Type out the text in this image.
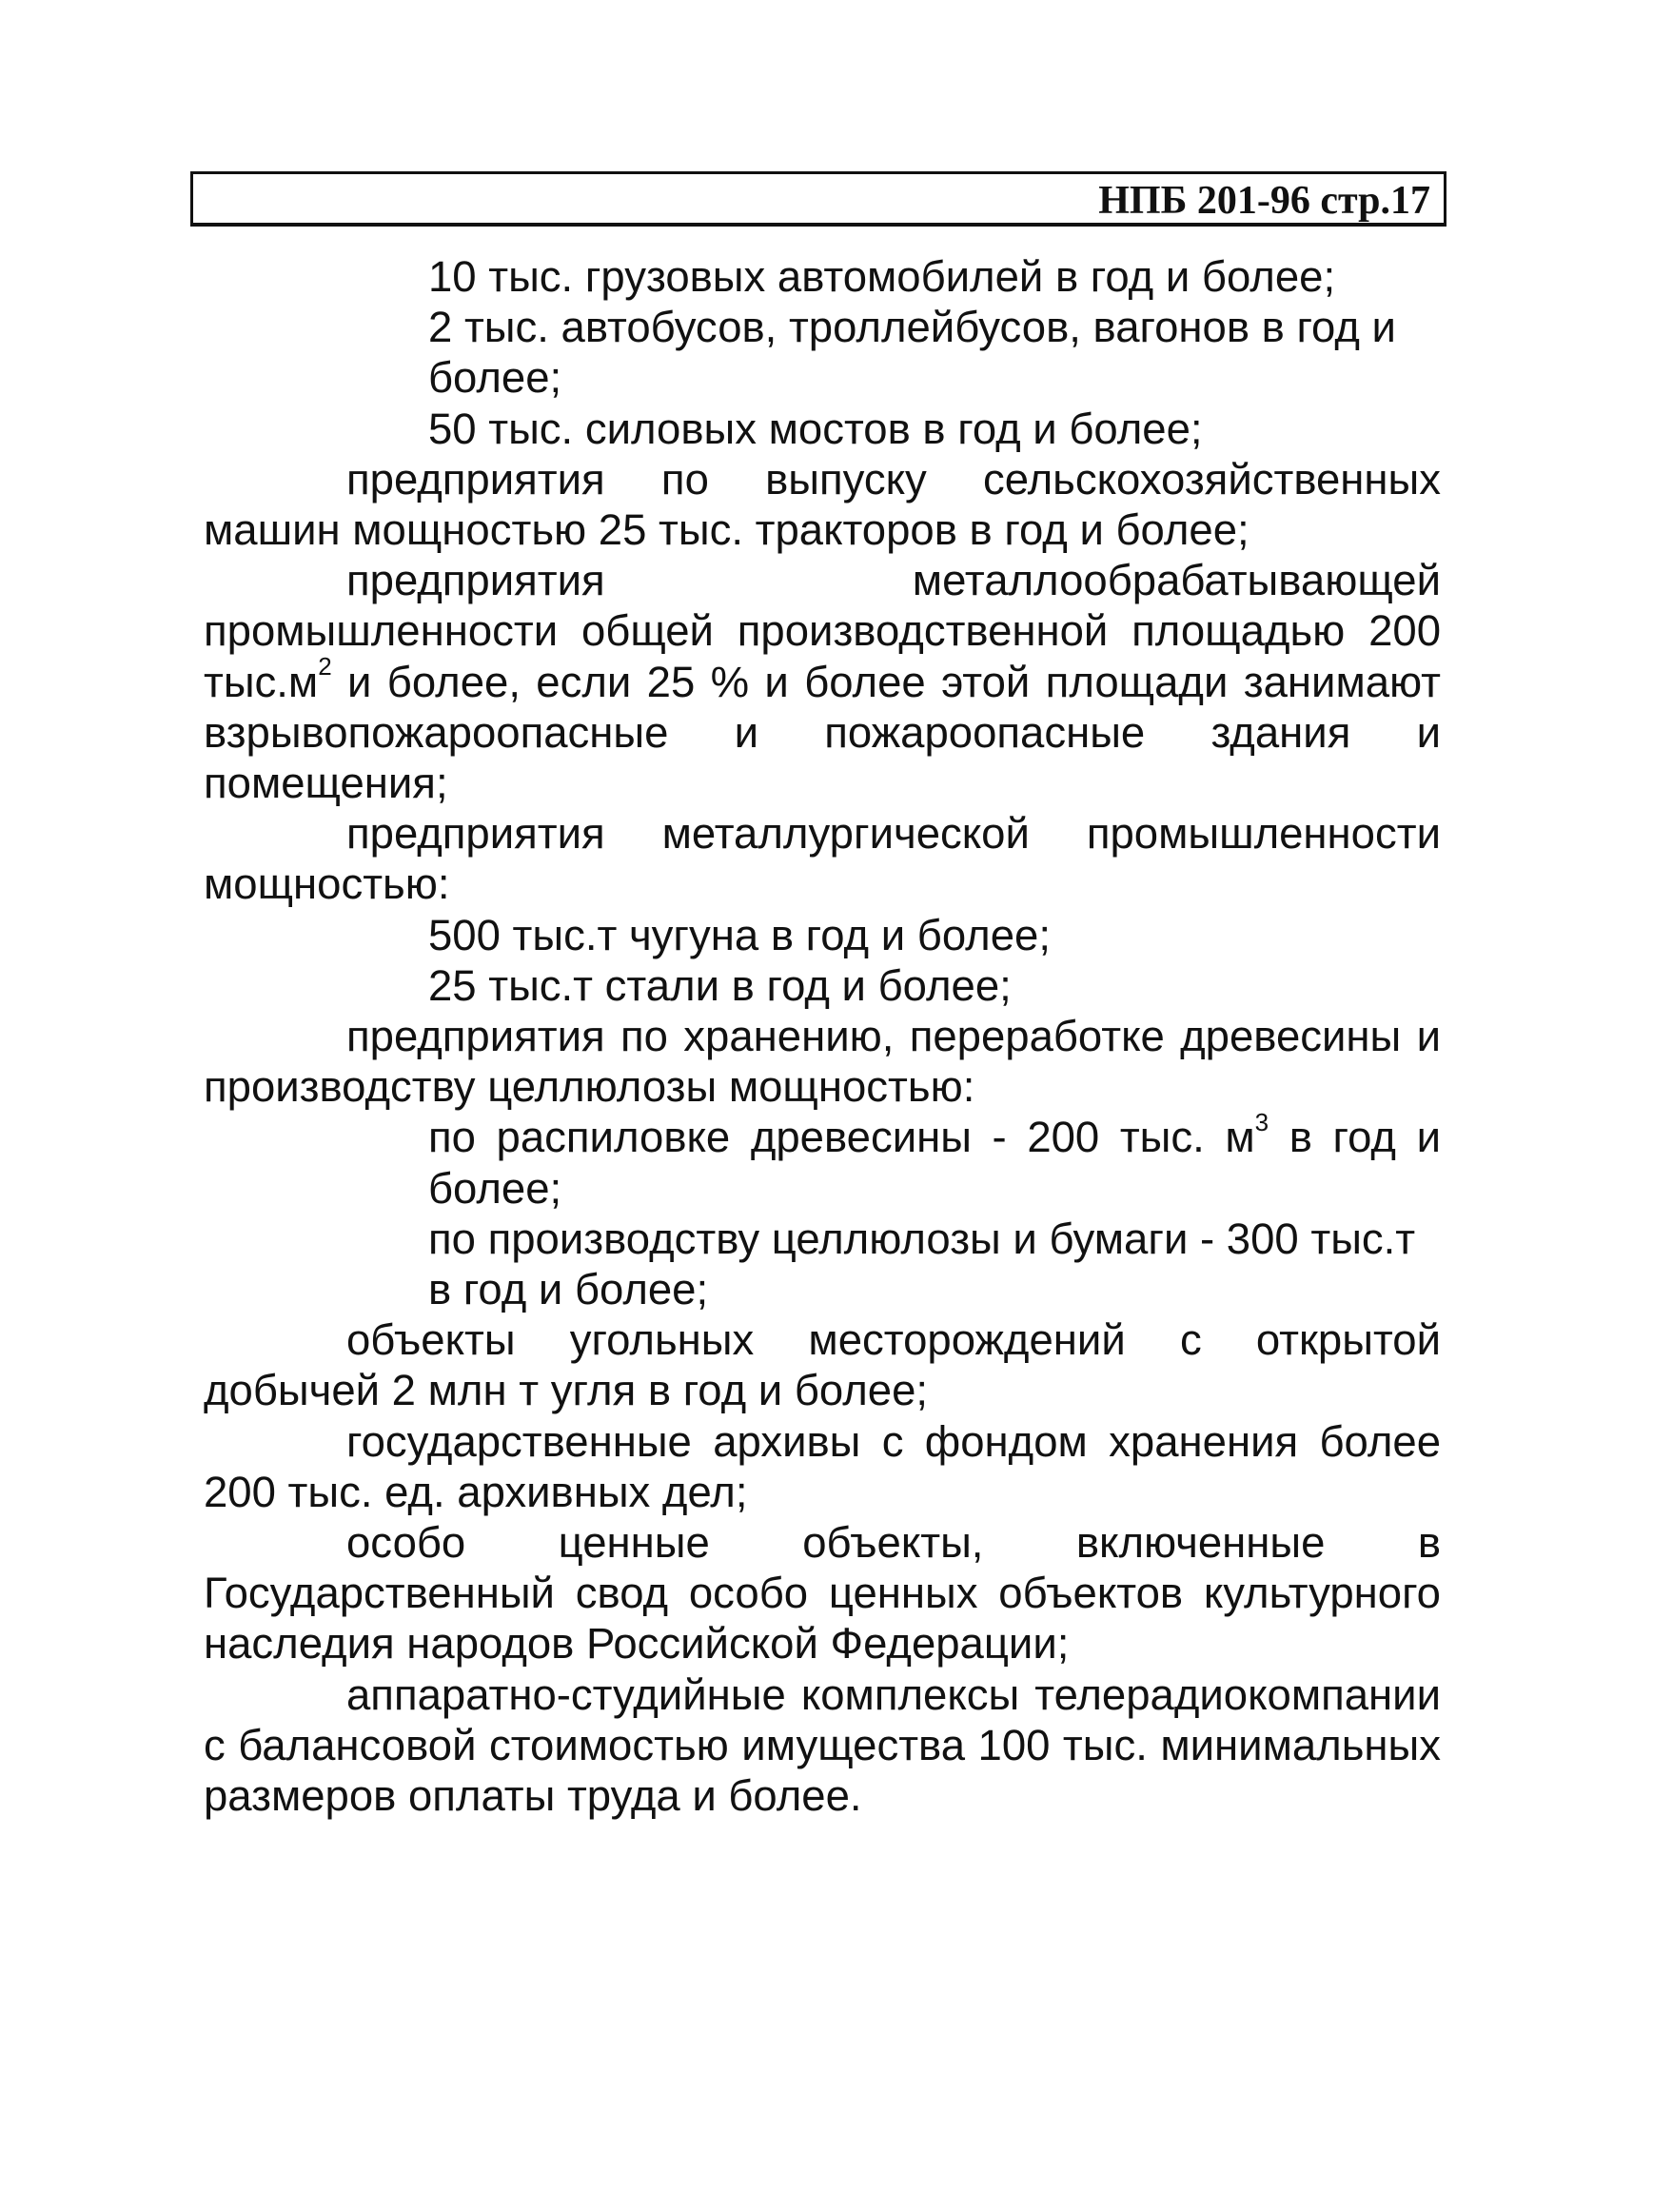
НПБ 201-96 стр.17

10 тыс. грузовых автомобилей в год и более;

2 тыс. автобусов, троллейбусов, вагонов в год и более;

50 тыс. силовых мостов в год и более;

предприятия по выпуску сельскохозяйственных машин мощностью 25 тыс. тракторов в год и более;

предприятия металлообрабатывающей промышленности общей производственной площадью 200 $тыс.м^2$ и более, если 25 % и более этой площади занимают взрывопожароопасные и пожароопасные здания и помещения;

предприятия металлургической промышленности мощностью:

500 тыс.т чугуна в год и более;

25 тыс.т стали в год и более;

предприятия по хранению, переработке древесины и производству целлюлозы мощностью:

по распиловке древесины - 200 тыс. $м^3$ в год и более;

по производству целлюлозы и бумаги - 300 тыс.т в год и более;

объекты угольных месторождений с открытой добычей 2 млн т угля в год и более;

государственные архивы с фондом хранения более 200 тыс. ед. архивных дел;

особо ценные объекты, включенные в Государственный свод особо ценных объектов культурного наследия народов Российской Федерации;

аппаратно-студийные комплексы телерадиокомпании с балансовой стоимостью имущества 100 тыс. минимальных размеров оплаты труда и более.
